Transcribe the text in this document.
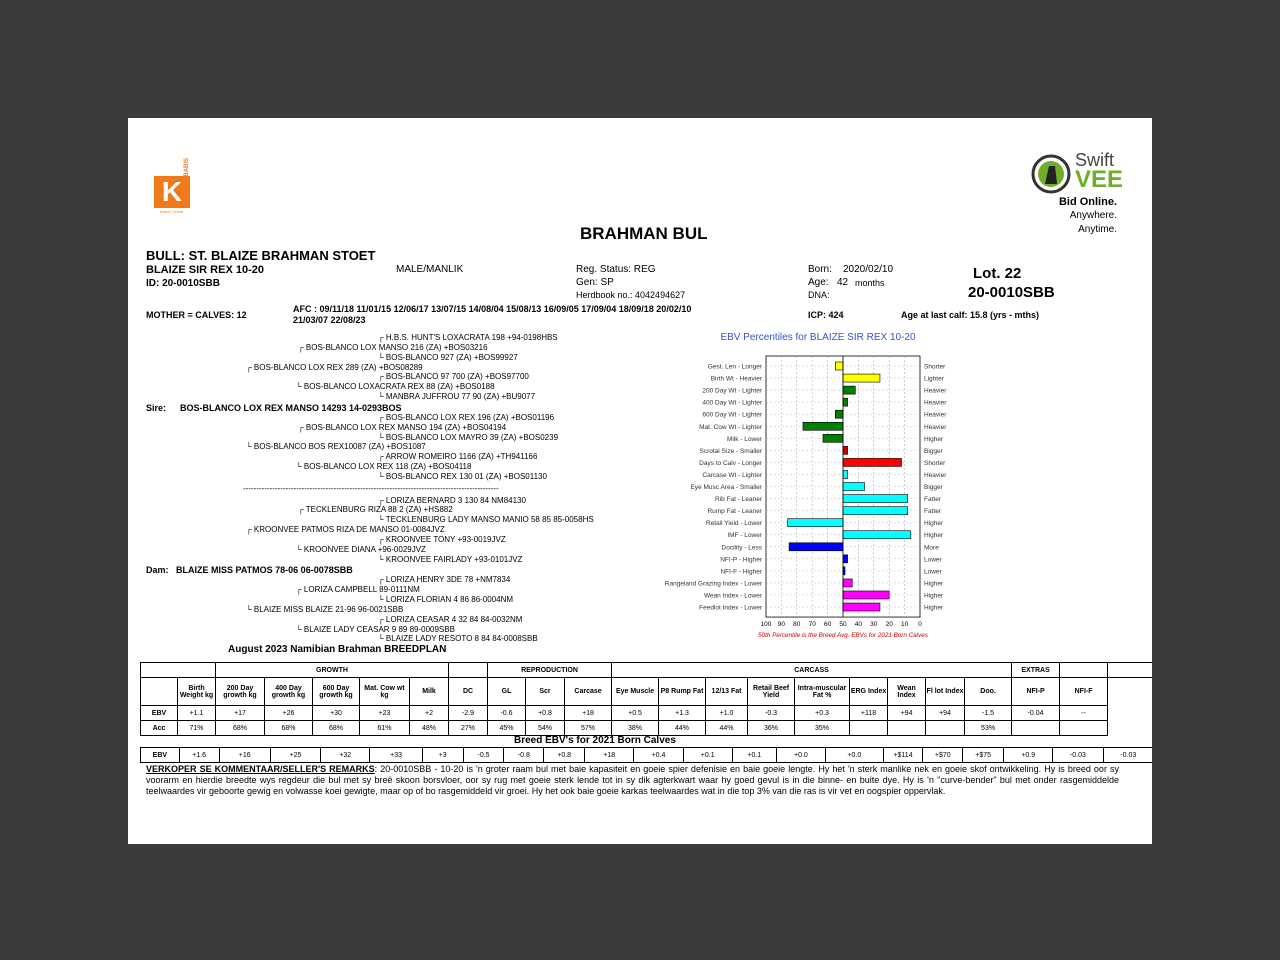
K
GOBABIS
Karoo Ochse
Swift
VEE
Bid Online.
Anywhere.
Anytime.
BRAHMAN BUL
BULL: ST. BLAIZE BRAHMAN STOET
BLAIZE SIR REX 10-20
ID: 20-0010SBB
MALE/MANLIK	Reg. Status: REG
Gen: SP
Herdbook no.: 4042494627
Born: 2020/02/10
Age: 42 months
DNA:
Lot. 22
20-0010SBB
MOTHER = CALVES: 12
AFC : 09/11/18 11/01/15 12/06/17 13/07/15 14/08/04 15/08/13 16/09/05 17/09/04 18/09/18 20/02/10
21/03/07 22/08/23	ICP: 424	Age at last calf: 15.8 (yrs - mths)
┌ H.B.S. HUNT'S LOXACRATA 198 +94-0198HBS
┌ BOS-BLANCO LOX MANSO 216 (ZA) +BOS03216
└ BOS-BLANCO 927 (ZA) +BOS99927
┌ BOS-BLANCO LOX REX 289 (ZA) +BOS08289
┌ BOS-BLANCO 97 700 (ZA) +BOS97700
└ BOS-BLANCO LOXACRATA REX 88 (ZA) +BOS0188
└ MANBRA JUFFROU 77 90 (ZA) +BU9077
Sire: BOS-BLANCO LOX REX MANSO 14293 14-0293BOS
┌ BOS-BLANCO LOX REX 196 (ZA) +BOS01196
┌ BOS-BLANCO LOX REX MANSO 194 (ZA) +BOS04194
└ BOS-BLANCO LOX MAYRO 39 (ZA) +BOS0239
└ BOS-BLANCO BOS REX10087 (ZA) +BOS1087
┌ ARROW ROMEIRO 1166 (ZA) +TH941166
└ BOS-BLANCO LOX REX 118 (ZA) +BOS04118
└ BOS-BLANCO REX 130 01 (ZA) +BOS01130
------------------------------------------------------------------------------------------------
┌ LORIZA BERNARD 3 130 84 NM84130
┌ TECKLENBURG RIZA 88 2 (ZA) +HS882
└ TECKLENBURG LADY MANSO MANIO 58 85 85-0058HS
┌ KROONVEE PATMOS RIZA DE MANSO 01-0084JVZ
┌ KROONVEE TONY +93-0019JVZ
└ KROONVEE DIANA +96-0029JVZ
└ KROONVEE FAIRLADY +93-0101JVZ
Dam: BLAIZE MISS PATMOS 78-06 06-0078SBB
┌ LORIZA HENRY 3DE 78 +NM7834
┌ LORIZA CAMPBELL 89-0111NM
└ LORIZA FLORIAN 4 86 86-0004NM
└ BLAIZE MISS BLAIZE 21-96 96-0021SBB
┌ LORIZA CEASAR 4 32 84 84-0032NM
└ BLAIZE LADY CEASAR 9 89 89-0009SBB
└ BLAIZE LADY RESOTO 8 84 84-0008SBB
August 2023 Namibian Brahman BREEDPLAN
EBV Percentiles for BLAIZE SIR REX 10-20
100 90 80 70 60 50 40 30 20 10 0
Gest. Len - Longer	Shorter
Birth Wt - Heavier	Lighter
200 Day Wt - Lighter	Heavier
400 Day Wt - Lighter	Heavier
600 Day Wt - Lighter	Heavier
Mat. Cow Wt - Lighter	Heavier
Milk - Lower	Higher
Scrotal Size - Smaller	Bigger
Days to Calv - Longer	Shorter
Carcase Wt - Lighter	Heavier
Eye Musc Area - Smaller	Bigger
Rib Fat - Leaner	Fatter
Rump Fat - Leaner	Fatter
Retail Yield - Lower	Higher
IMF - Lower	Higher
Docility - Less	More
NFI-P - Higher	Lower
NFI-F - Higher	Lower
Rangeland Grazing Index - Lower	Higher
Wean Index - Lower	Higher
Feedlot Index - Lower	Higher
50th Percentile is the Breed Avg. EBVs for 2021 Born Calves
		GROWTH						REPRODUCTION			CARCASS									EXTRAS		
	Birth Weight kg	200 Day growth kg	400 Day growth kg	600 Day growth kg	Mat. Cow wt kg	Milk	DC	GL	Scr	Carcase	Eye Muscle	P8 Rump Fat	12/13 Fat	Retail Beef Yield	Intra-muscular Fat %	ERG Index	Wean Index	Fl lot Index	Doo.	NFI-P	NFI-F	
EBV	+1.1	+17	+26	+30	+23	+2	-2.9	-0.6	+0.8	+18	+0.5	+1.3	+1.0	-0.3	+0.3	+118	+94	+94	-1.5	-0.04	--	
Acc	71%	68%	68%	68%	61%	48%	27%	45%	54%	57%	38%	44%	44%	36%	35%				53%			
Breed EBV's for 2021 Born Calves
EBV	+1.6	+16	+25	+32	+33	+3	-0.5	-0.8	+0.8	+18	+0.4	+0.1	+0.1	+0.0	+0.0	+$114	+$70	+$75	+0.9	-0.03	-0.03
VERKOPER SE KOMMENTAAR/SELLER'S REMARKS: 20-0010SBB - 10-20 is 'n groter raam bul met baie kapasiteit en goeie spier defenisie en baie goeie lengte. Hy het 'n sterk manlike nek en goeie skof ontwikkeling. Hy is breed oor sy voorarm en hierdie breedte wys regdeur die bul met sy breë skoon borsvloer, oor sy rug met goeie sterk lende tot in sy dik agterkwart waar hy goed gevul is in die binne- en buite dye. Hy is 'n "curve-bender" bul met onder rasgemiddelde teelwaardes vir geboorte gewig en volwasse koei gewigte, maar op of bo rasgemiddeld vir groei. Hy het ook baie goeie karkas teelwaardes wat in die top 3% van die ras is vir vet en oogspier oppervlak.
